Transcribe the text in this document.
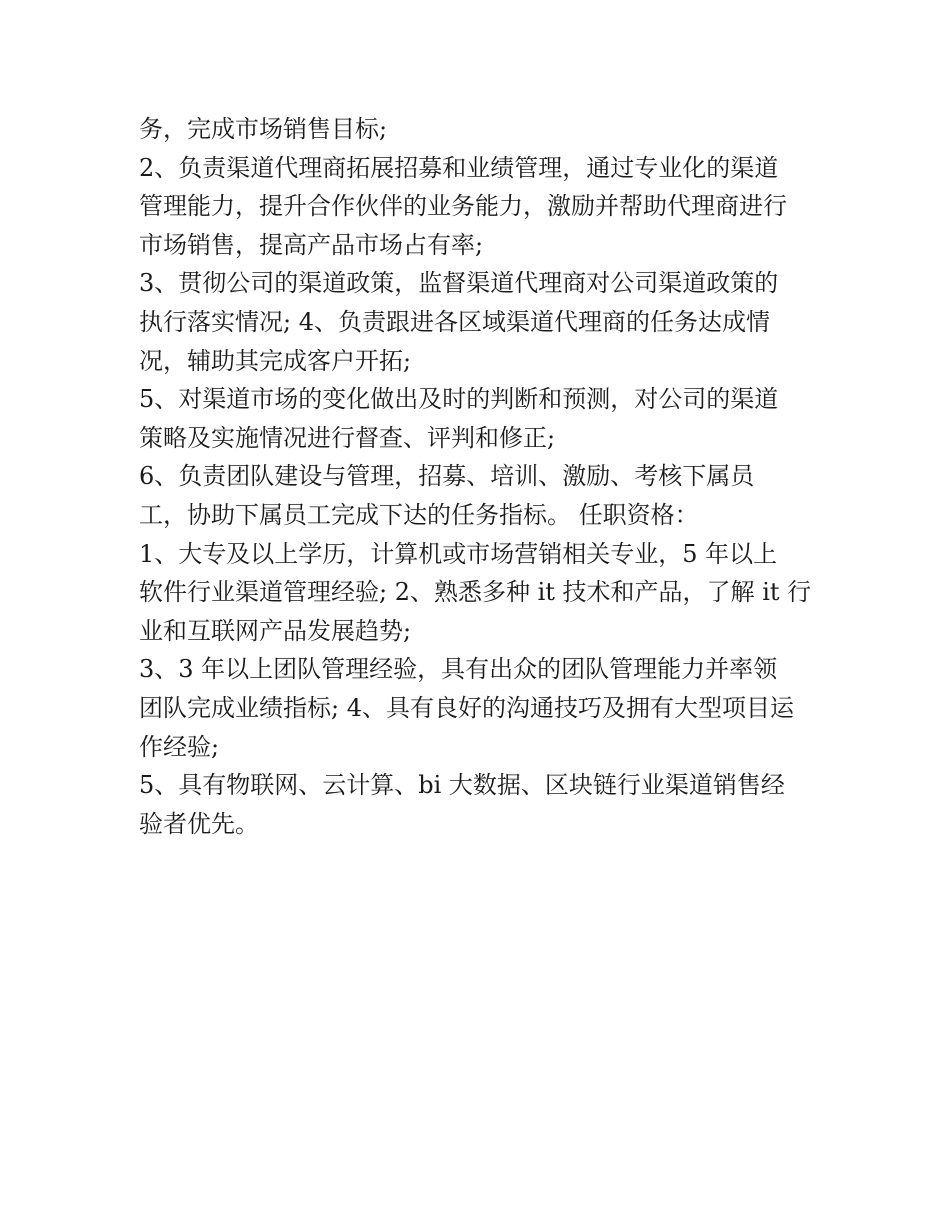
务，完成市场销售目标;
2、负责渠道代理商拓展招募和业绩管理，通过专业化的渠道
管理能力，提升合作伙伴的业务能力，激励并帮助代理商进行
市场销售，提高产品市场占有率;
3、贯彻公司的渠道政策，监督渠道代理商对公司渠道政策的
执行落实情况; 4、负责跟进各区域渠道代理商的任务达成情
况，辅助其完成客户开拓;
5、对渠道市场的变化做出及时的判断和预测，对公司的渠道
策略及实施情况进行督查、评判和修正;
6、负责团队建设与管理，招募、培训、激励、考核下属员
工，协助下属员工完成下达的任务指标。 任职资格：
1、大专及以上学历，计算机或市场营销相关专业，5 年以上
软件行业渠道管理经验; 2、熟悉多种 it 技术和产品，了解 it 行
业和互联网产品发展趋势;
3、3 年以上团队管理经验，具有出众的团队管理能力并率领
团队完成业绩指标; 4、具有良好的沟通技巧及拥有大型项目运
作经验;
5、具有物联网、云计算、bi 大数据、区块链行业渠道销售经
验者优先。
